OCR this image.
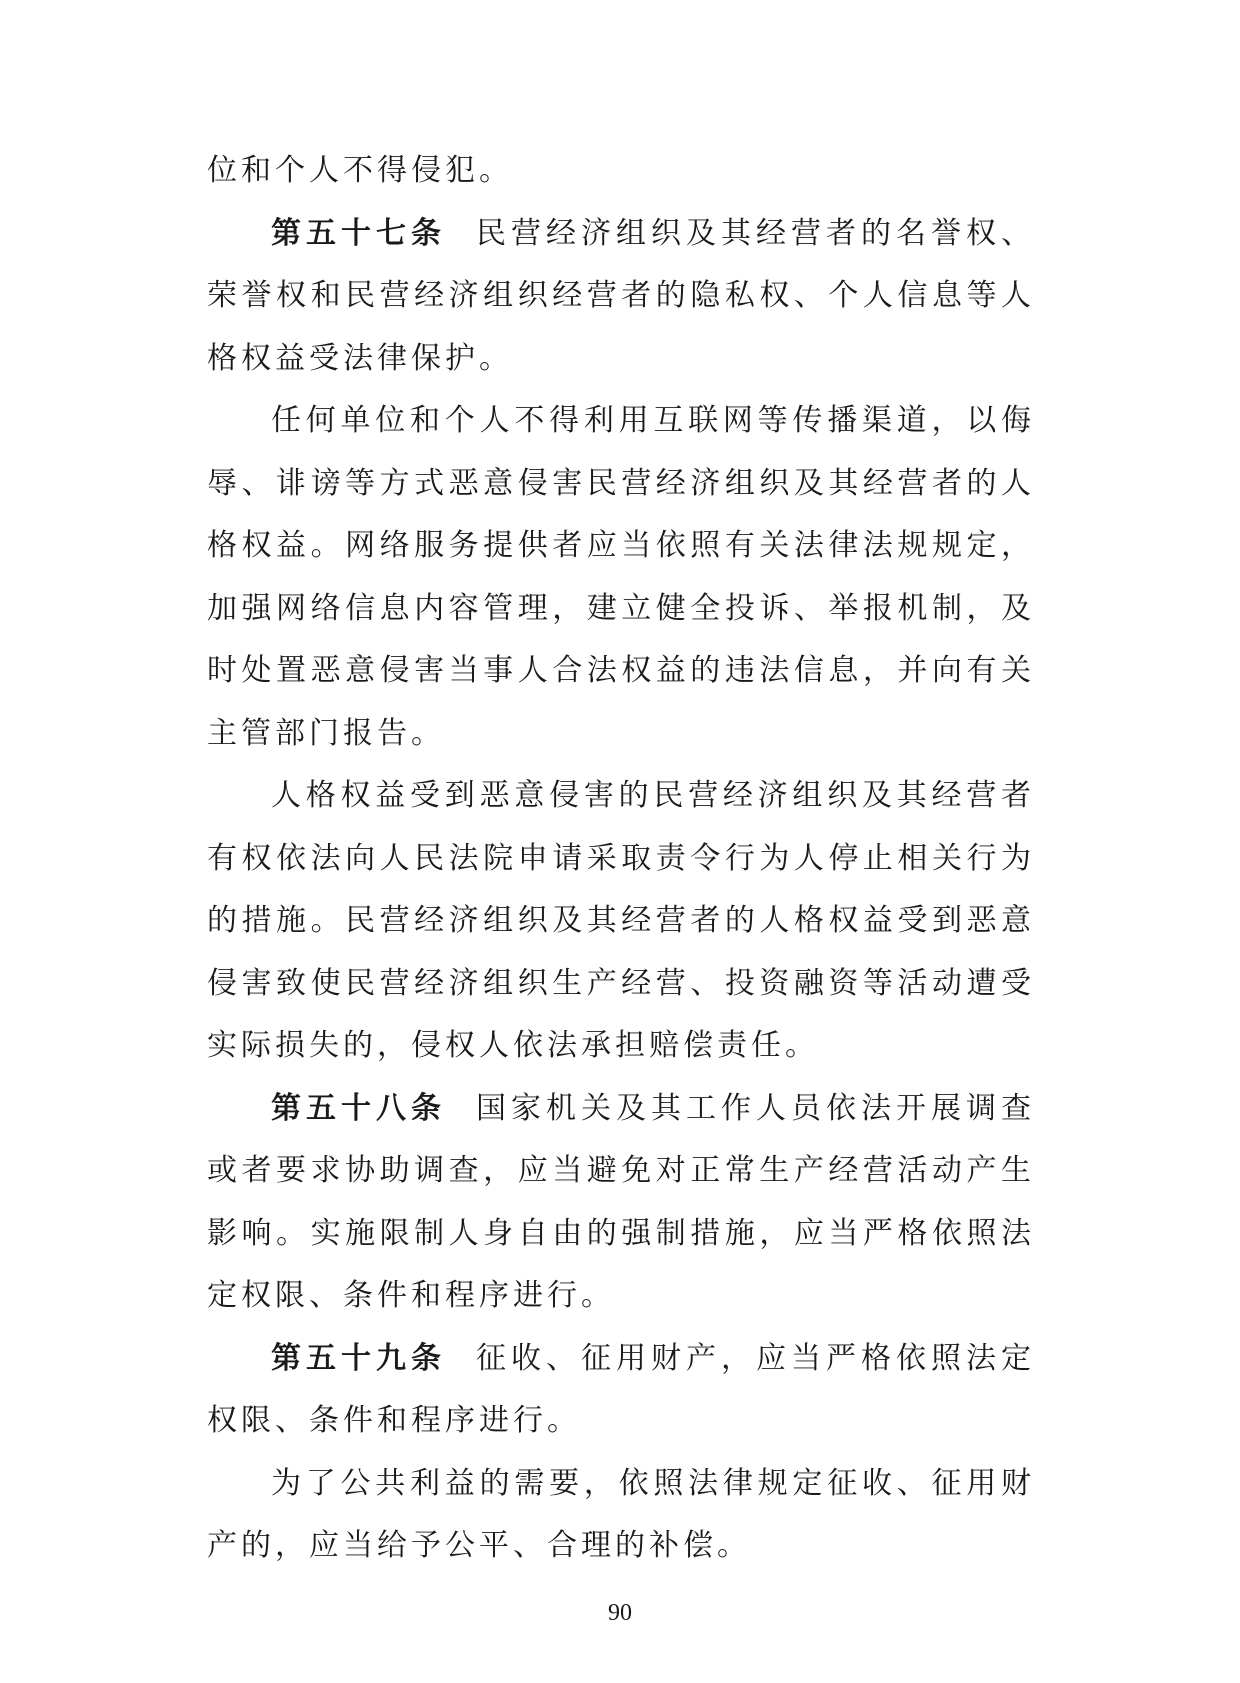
位和个人不得侵犯。

第五十七条 民营经济组织及其经营者的名誉权、荣誉权和民营经济组织经营者的隐私权、个人信息等人格权益受法律保护。

任何单位和个人不得利用互联网等传播渠道，以侮辱、诽谤等方式恶意侵害民营经济组织及其经营者的人格权益。网络服务提供者应当依照有关法律法规规定，加强网络信息内容管理，建立健全投诉、举报机制，及时处置恶意侵害当事人合法权益的违法信息，并向有关主管部门报告。

人格权益受到恶意侵害的民营经济组织及其经营者有权依法向人民法院申请采取责令行为人停止相关行为的措施。民营经济组织及其经营者的人格权益受到恶意侵害致使民营经济组织生产经营、投资融资等活动遭受实际损失的，侵权人依法承担赔偿责任。

第五十八条 国家机关及其工作人员依法开展调查或者要求协助调查，应当避免对正常生产经营活动产生影响。实施限制人身自由的强制措施，应当严格依照法定权限、条件和程序进行。

第五十九条 征收、征用财产，应当严格依照法定权限、条件和程序进行。

为了公共利益的需要，依照法律规定征收、征用财产的，应当给予公平、合理的补偿。

90
